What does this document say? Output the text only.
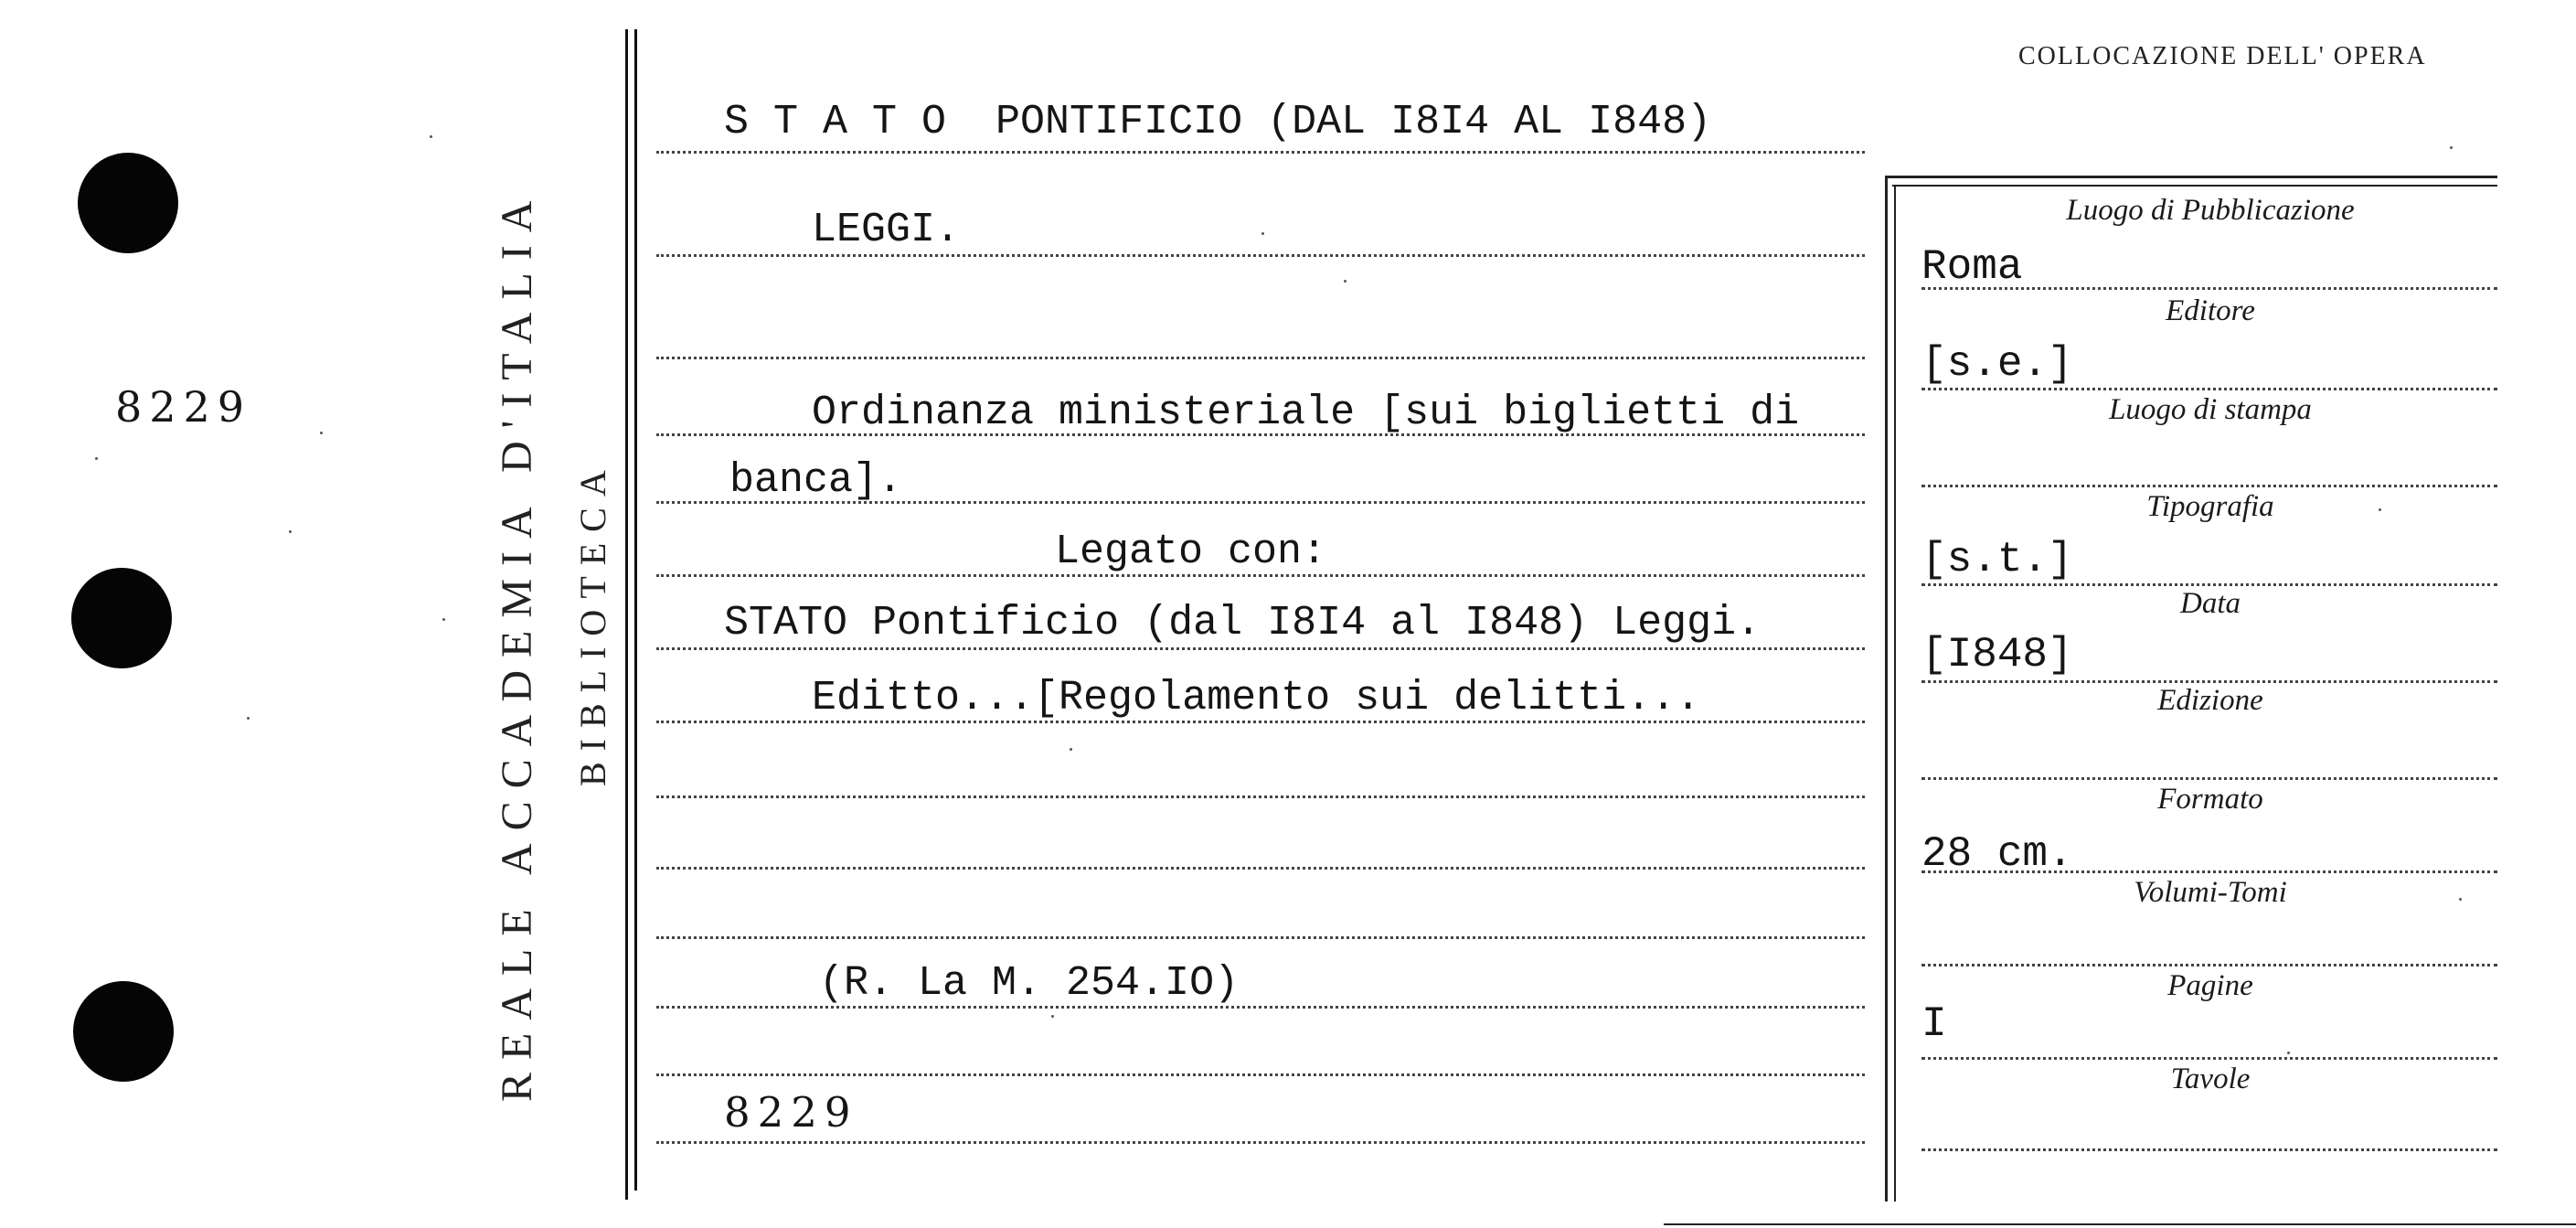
8229	REALE ACCADEMIA D'ITALIA BIBLIOTECA
COLLOCAZIONE DELL' OPERA
S T A T O  PONTIFICIO (DAL I8I4 AL I848)
LEGGI.
Ordinanza ministeriale [sui biglietti di
banca].
Legato con:
STATO Pontificio (dal I8I4 al I848) Leggi.
Editto...[Regolamento sui delitti...
(R. La M. 254.IO)
8229
Luogo di Pubblicazione
Roma
Editore
[s.e.]
Luogo di stampa
Tipografia
[s.t.]
Data
[I848]
Edizione
Formato
28 cm.
Volumi-Tomi
Pagine
I
Tavole
